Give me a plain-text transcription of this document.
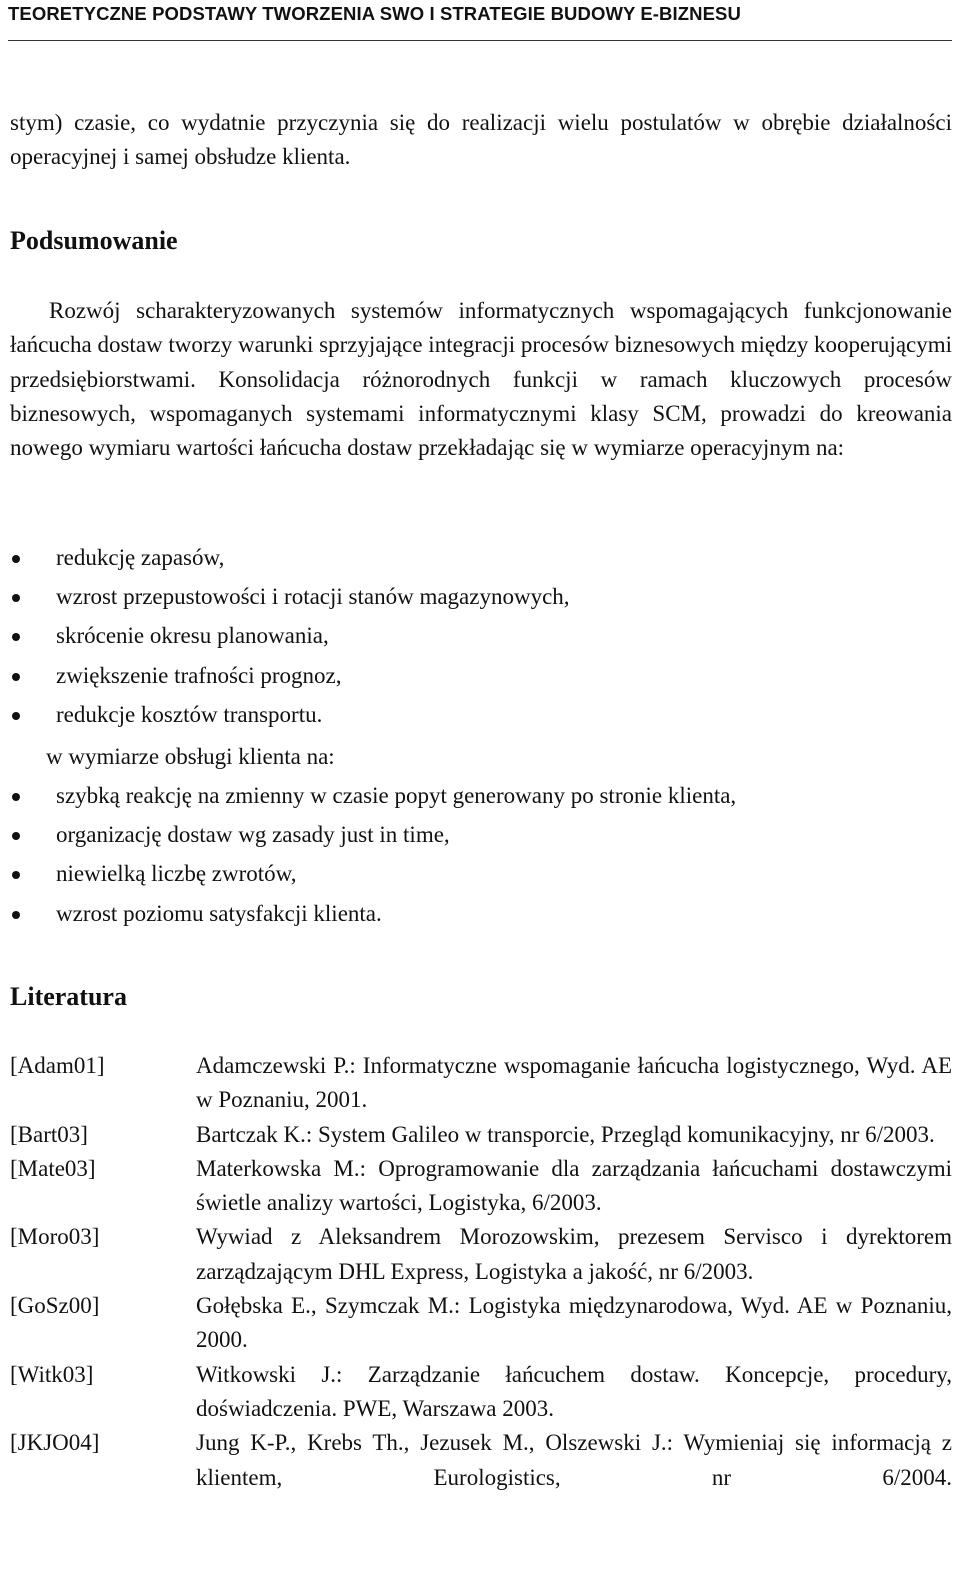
TEORETYCZNE PODSTAWY TWORZENIA SWO I STRATEGIE BUDOWY E-BIZNESU

stym) czasie, co wydatnie przyczynia się do realizacji wielu postulatów w obrębie działalności operacyjnej i samej obsłudze klienta.

Podsumowanie

Rozwój scharakteryzowanych systemów informatycznych wspomagających funkcjonowanie łańcucha dostaw tworzy warunki sprzyjające integracji procesów biznesowych między kooperującymi przedsiębiorstwami. Konsolidacja różnorodnych funkcji w ramach kluczowych procesów biznesowych, wspomaganych systemami informatycznymi klasy SCM, prowadzi do kreowania nowego wymiaru wartości łańcucha dostaw przekładając się w wymiarze operacyjnym na:

redukcję zapasów,
wzrost przepustowości i rotacji stanów magazynowych,
skrócenie okresu planowania,
zwiększenie trafności prognoz,
redukcje kosztów transportu.
w wymiarze obsługi klienta na:
szybką reakcję na zmienny w czasie popyt generowany po stronie klienta,
organizację dostaw wg zasady just in time,
niewielką liczbę zwrotów,
wzrost poziomu satysfakcji klienta.
Literatura
[Adam01]	Adamczewski P.: Informatyczne wspomaganie łańcucha logistycznego, Wyd. AE w Poznaniu, 2001.
[Bart03]	Bartczak K.: System Galileo w transporcie, Przegląd komunikacyjny, nr 6/2003.
[Mate03]	Materkowska M.: Oprogramowanie dla zarządzania łańcuchami dostawczymi świetle analizy wartości, Logistyka, 6/2003.
[Moro03]	Wywiad z Aleksandrem Morozowskim, prezesem Servisco i dyrektorem zarządzającym DHL Express, Logistyka a jakość, nr 6/2003.
[GoSz00]	Gołębska E., Szymczak M.: Logistyka międzynarodowa, Wyd. AE w Poznaniu, 2000.
[Witk03]	Witkowski J.: Zarządzanie łańcuchem dostaw. Koncepcje, procedury, doświadczenia. PWE, Warszawa 2003.
[JKJO04]	Jung K-P., Krebs Th., Jezusek M., Olszewski J.: Wymieniaj się informacją z klientem, Eurologistics, nr 6/2004.
